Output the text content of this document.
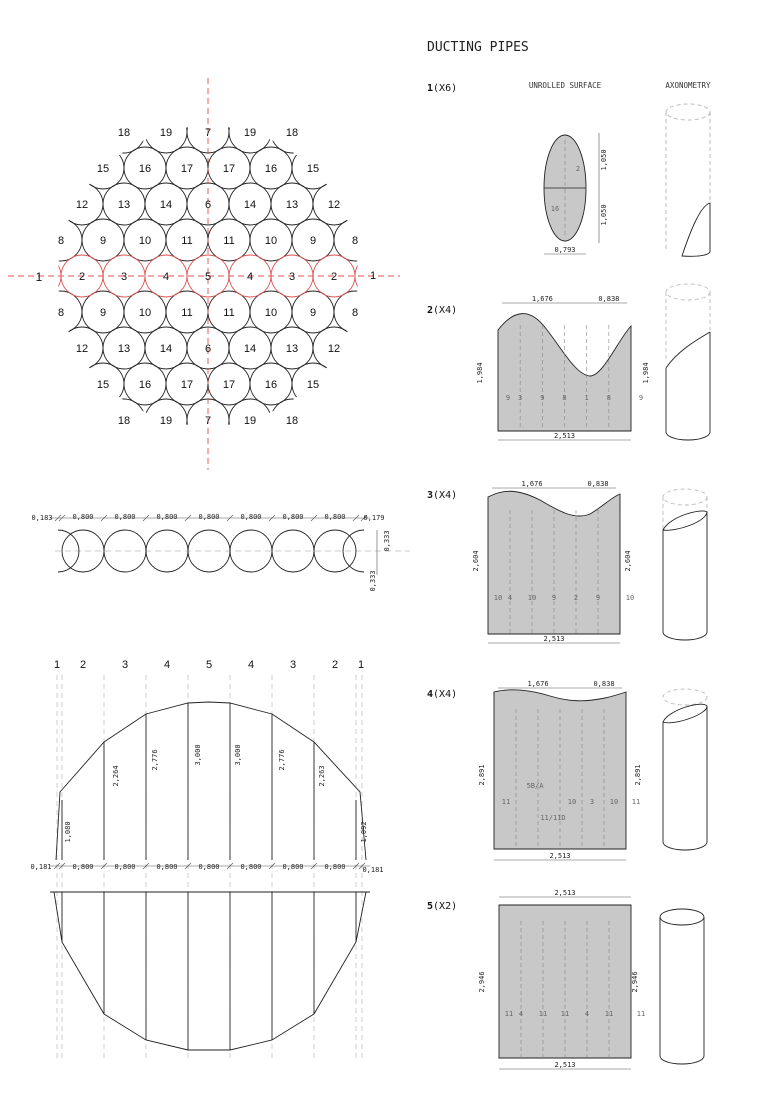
DUCTING PIPES
UNROLLED SURFACE	AXONOMETRY
18	19	7	19	18
15	16	17	17	16	15
12	13	14	6	14	13	12
8	9	10	11	11	10	9	8
2	3	4	5	4	3	2
8	9	10	11	11	10	9	8
12	13	14	6	14	13	12
15	16	17	17	16	15
18	19	7	19	18
1	1
0,183	0,179
0,800	0,800	0,800	0,800	0,800	0,800	0,800
0,333
0,333
1 2	3	4	5	4	3	2 1
1,080
2,264
2,776	3,000	3,000	2,776
2,263
1,092
0,181	0,181
0,800	0,800	0,800	0,800	0,800	0,800	0,800
1(X6)
1,050
1,050
0,793
2
16
2(X4)
1,676	0,838
2,513
1,984	1,984
9 3	9	8	1	8	9
3(X4)
1,676	0,838
2,513
2,604	2,604
10 4 10 9	2	9	10
4(X4)
1,676	0,838
2,513
2,891	2,891
11
5B/A
11/11D
10 3 10 11
5(X2)
2,513
2,513
2,946	2,946
11 4 11 11 4 11	11
